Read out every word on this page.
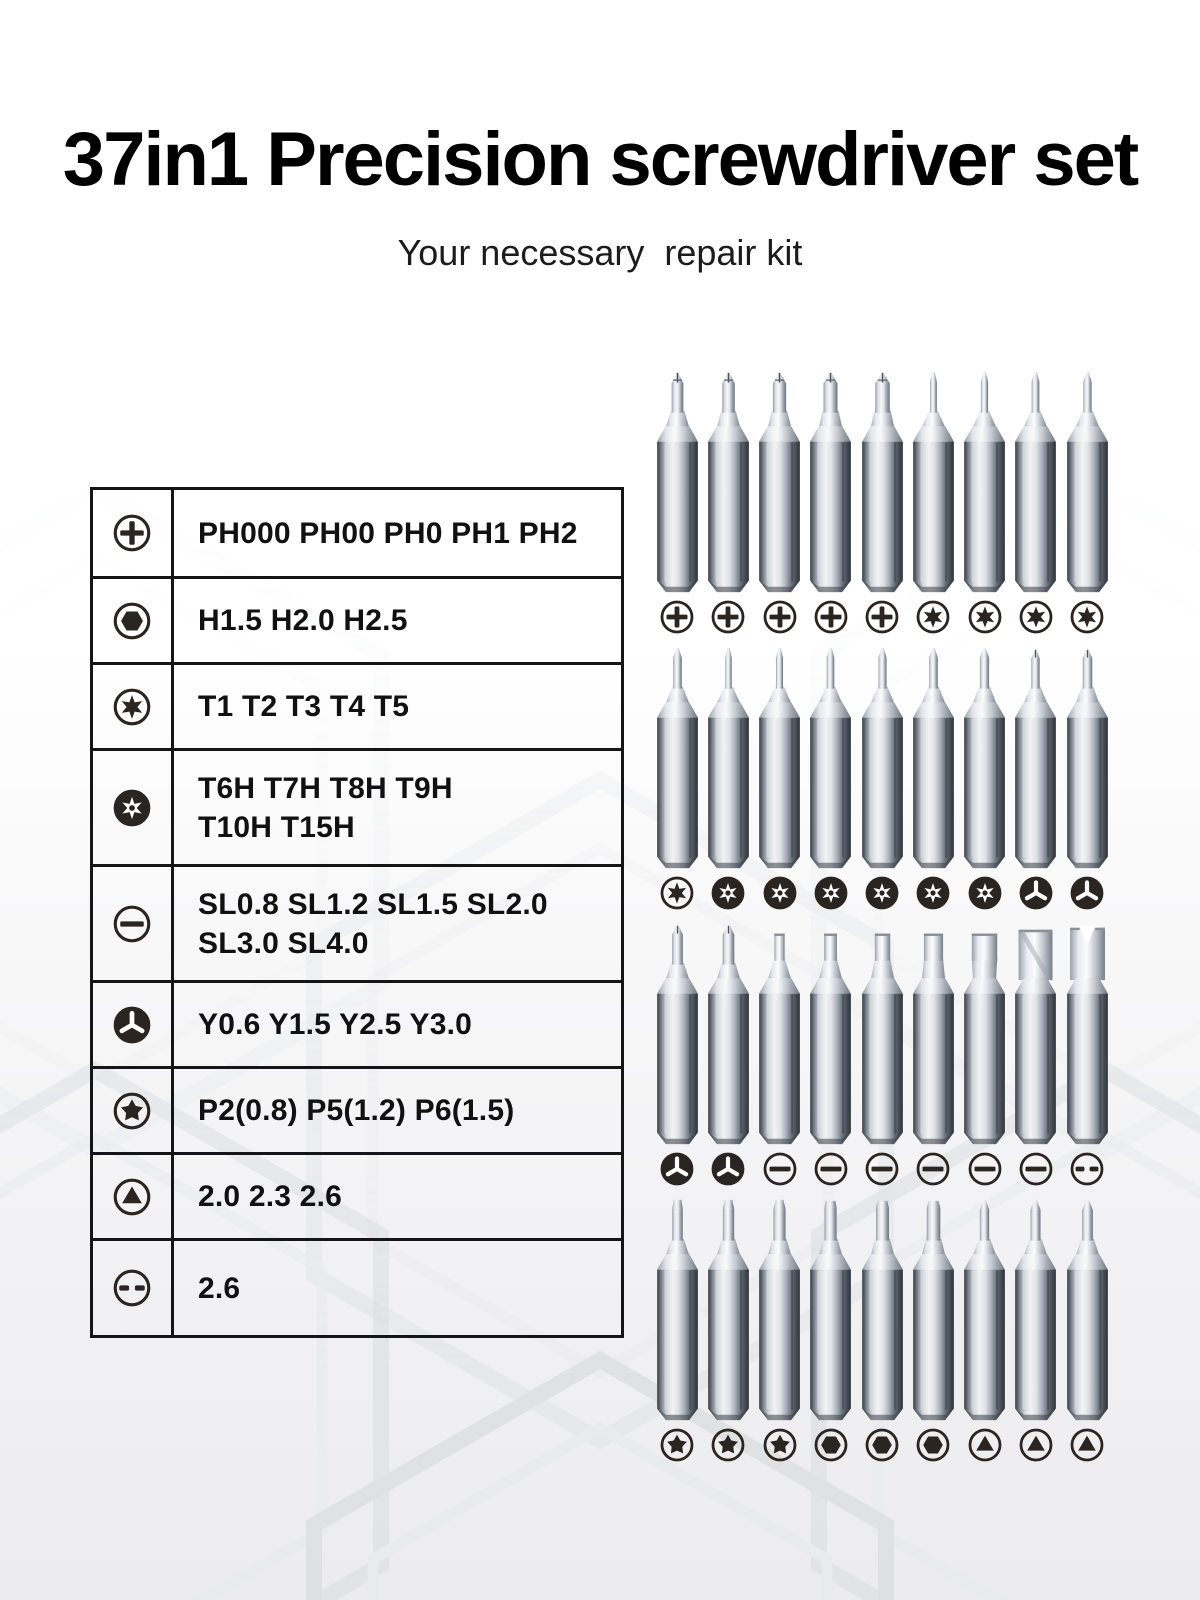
37in1 Precision screwdriver set
Your necessary  repair kit
PH000 PH00 PH0 PH1 PH2
H1.5 H2.0 H2.5
T1 T2 T3 T4 T5
T6H T7H T8H T9H
T10H T15H
SL0.8 SL1.2 SL1.5 SL2.0
SL3.0 SL4.0
Y0.6 Y1.5 Y2.5 Y3.0
P2(0.8) P5(1.2) P6(1.5)
2.0 2.3 2.6
2.6
